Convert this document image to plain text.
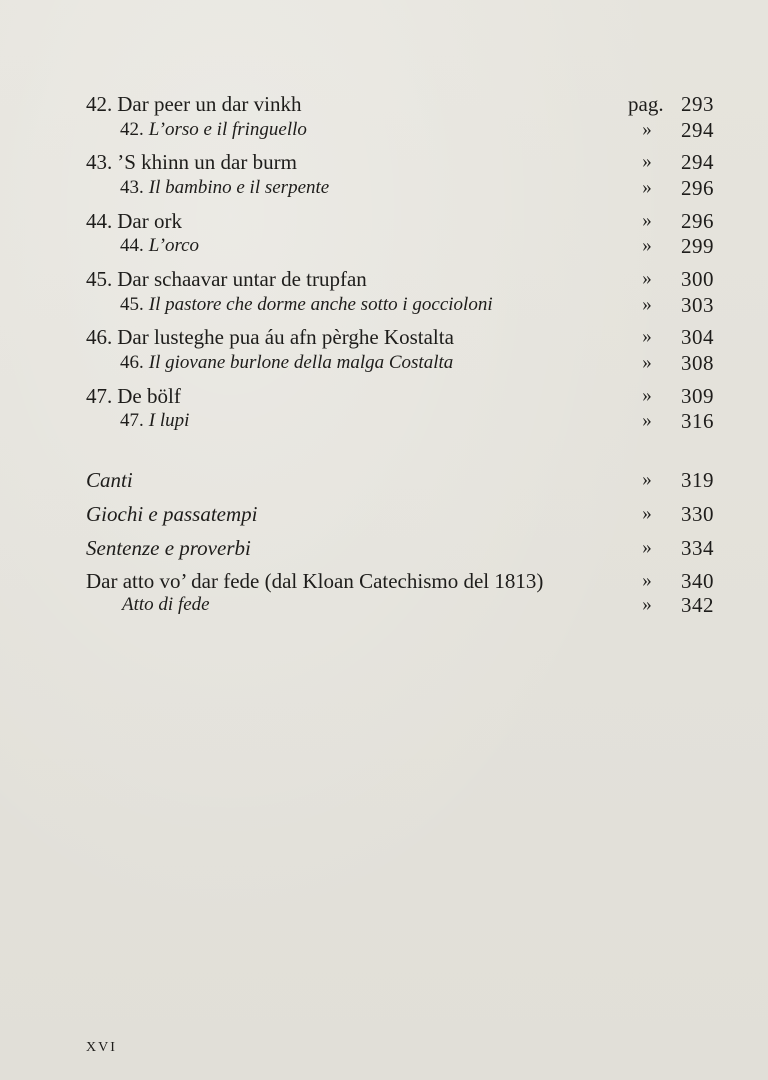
42. Dar peer un dar vinkh	pag. 293
42. L’orso e il fringuello	» 294
43. ’S khinn un dar burm	» 294
43. Il bambino e il serpente	» 296
44. Dar ork	» 296
44. L’orco	» 299
45. Dar schaavar untar de trupfan	» 300
45. Il pastore che dorme anche sotto i goccioloni	» 303
46. Dar lusteghe pua áu afn pèrghe Kostalta	» 304
46. Il giovane burlone della malga Costalta	» 308
47. De bölf	» 309
47. I lupi	» 316
Canti	» 319
Giochi e passatempi	» 330
Sentenze e proverbi	» 334
Dar atto vo’ dar fede (dal Kloan Catechismo del 1813)	» 340
Atto di fede	» 342
XVI
